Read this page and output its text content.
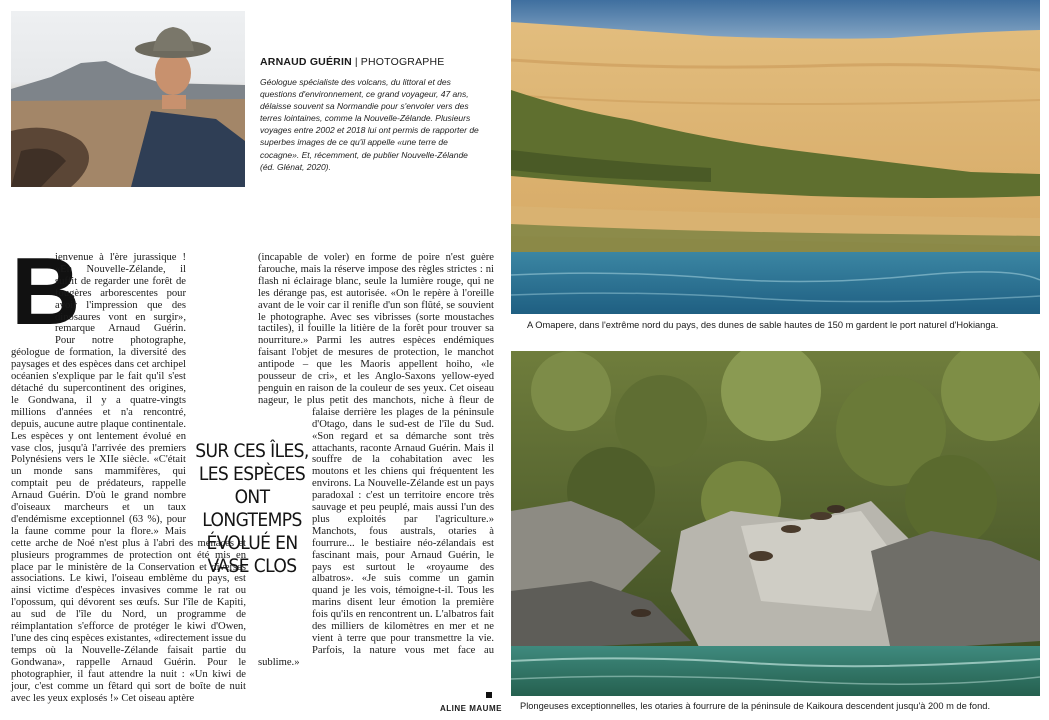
ARNAUD GUÉRIN | PHOTOGRAPHE

Géologue spécialiste des volcans, du littoral et des questions d'environnement, ce grand voyageur, 47 ans, délaisse souvent sa Normandie pour s'envoler vers des terres lointaines, comme la Nouvelle-Zélande. Plusieurs voyages entre 2002 et 2018 lui ont permis de rapporter de superbes images de ce qu'il appelle «une terre de cocagne». Et, récemment, de publier Nouvelle-Zélande (éd. Glénat, 2020).

B
ienvenue à l'ère jurassique ! «En Nouvelle-Zélande, il suffit de regarder une forêt de fougères arborescentes pour avoir l'impression que des dinosaures vont en surgir», remarque Arnaud Guérin. Pour notre photographe, géologue de formation, la diversité des paysages et des espèces dans cet archipel océanien s'explique par le fait qu'il s'est détaché du supercontinent des origines, le Gondwana, il y a quatre-vingts millions d'années et n'a rencontré, depuis, aucune autre plaque continentale. Les espèces y ont lentement évolué en vase clos, jusqu'à l'arrivée des premiers Polynésiens vers le XIIe siècle. «C'était un monde sans mammifères, qui comptait peu de prédateurs, rappelle Arnaud Guérin. D'où le grand nombre d'oiseaux marcheurs et un taux d'endémisme exceptionnel (63 %), pour la faune comme pour la flore.» Mais cette arche de Noé n'est plus à l'abri des menaces et plusieurs programmes de protection ont été mis en place par le ministère de la Conservation et diverses associations. Le kiwi, l'oiseau emblème du pays, est ainsi victime d'espèces invasives comme le rat ou l'opossum, qui dévorent ses œufs. Sur l'île de Kapiti, au sud de l'île du Nord, un programme de réimplantation s'efforce de protéger le kiwi d'Owen, l'une des cinq espèces existantes, «directement issue du temps où la Nouvelle-Zélande faisait partie du Gondwana», rappelle Arnaud Guérin. Pour le photographier, il faut attendre la nuit : «Un kiwi de jour, c'est comme un fêtard qui sort de boîte de nuit avec les yeux explosés !» Cet oiseau aptère
(incapable de voler) en forme de poire n'est guère farouche, mais la réserve impose des règles strictes : ni flash ni éclairage blanc, seule la lumière rouge, qui ne les dérange pas, est autorisée. «On le repère à l'oreille avant de le voir car il renifle d'un son flûté, se souvient le photographe. Avec ses vibrisses (sorte moustaches tactiles), il fouille la litière de la forêt pour trouver sa nourriture.» Parmi les autres espèces endémiques faisant l'objet de mesures de protection, le manchot antipode – que les Maoris appellent hoiho, «le pousseur de cri», et les Anglo-Saxons yellow-eyed penguin en raison de la couleur de ses yeux. Cet oiseau nageur, le plus petit des manchots, niche à fleur de falaise derrière les plages de la péninsule d'Otago, dans le sud-est de l'île du Sud. «Son regard et sa démarche sont très attachants, raconte Arnaud Guérin. Mais il souffre de la cohabitation avec les moutons et les chiens qui fréquentent les environs. La Nouvelle-Zélande est un pays paradoxal : c'est un territoire encore très sauvage et peu peuplé, mais aussi l'un des plus exploités par l'agriculture.» Manchots, fous australs, otaries à fourrure... le bestiaire néo-zélandais est fascinant mais, pour Arnaud Guérin, le pays est surtout le «royaume des albatros». «Je suis comme un gamin quand je les vois, témoigne-t-il. Tous les marins disent leur émotion la première fois qu'ils en rencontrent un. L'albatros fait des milliers de kilomètres en mer et ne vient à terre que pour transmettre la vie. Parfois, la nature vous met face au sublime.»
SUR CES ÎLES, LES ESPÈCES ONT LONGTEMPS ÉVOLUÉ EN VASE CLOS
ALINE MAUME
A Omapere, dans l'extrême nord du pays, des dunes de sable hautes de 150 m gardent le port naturel d'Hokianga.
Plongeuses exceptionnelles, les otaries à fourrure de la péninsule de Kaikoura descendent jusqu'à 200 m de fond.
